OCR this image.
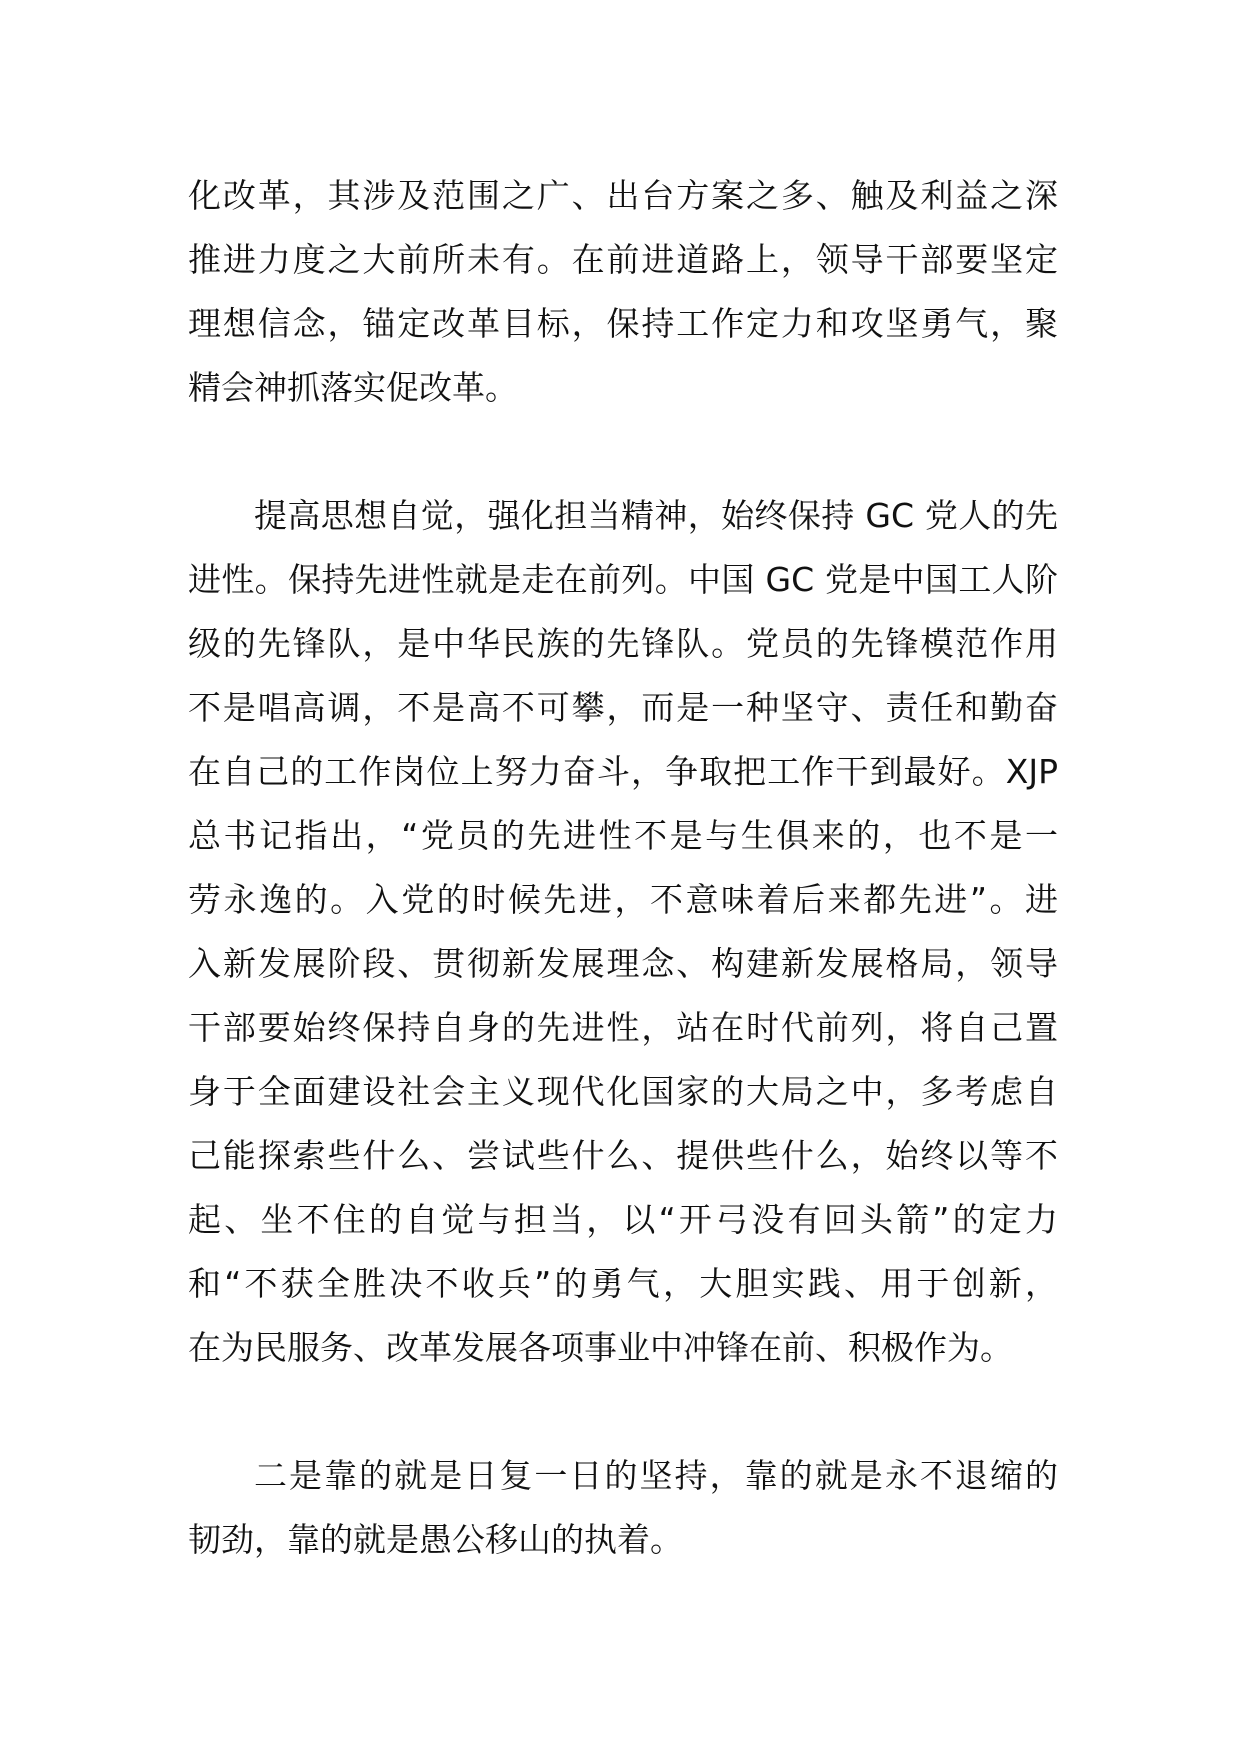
化改革，其涉及范围之广、出台方案之多、触及利益之深
推进力度之大前所未有。在前进道路上，领导干部要坚定
理想信念，锚定改革目标，保持工作定力和攻坚勇气，聚
精会神抓落实促改革。
提高思想自觉，强化担当精神，始终保持 GC 党人的先
进性。保持先进性就是走在前列。中国 GC 党是中国工人阶
级的先锋队，是中华民族的先锋队。党员的先锋模范作用
不是唱高调，不是高不可攀，而是一种坚守、责任和勤奋
在自己的工作岗位上努力奋斗，争取把工作干到最好。XJP
总书记指出，“党员的先进性不是与生俱来的，也不是一
劳永逸的。入党的时候先进，不意味着后来都先进”。进
入新发展阶段、贯彻新发展理念、构建新发展格局，领导
干部要始终保持自身的先进性，站在时代前列，将自己置
身于全面建设社会主义现代化国家的大局之中，多考虑自
己能探索些什么、尝试些什么、提供些什么，始终以等不
起、坐不住的自觉与担当，以“开弓没有回头箭”的定力
和“不获全胜决不收兵”的勇气，大胆实践、用于创新，
在为民服务、改革发展各项事业中冲锋在前、积极作为。
二是靠的就是日复一日的坚持，靠的就是永不退缩的
韧劲，靠的就是愚公移山的执着。
